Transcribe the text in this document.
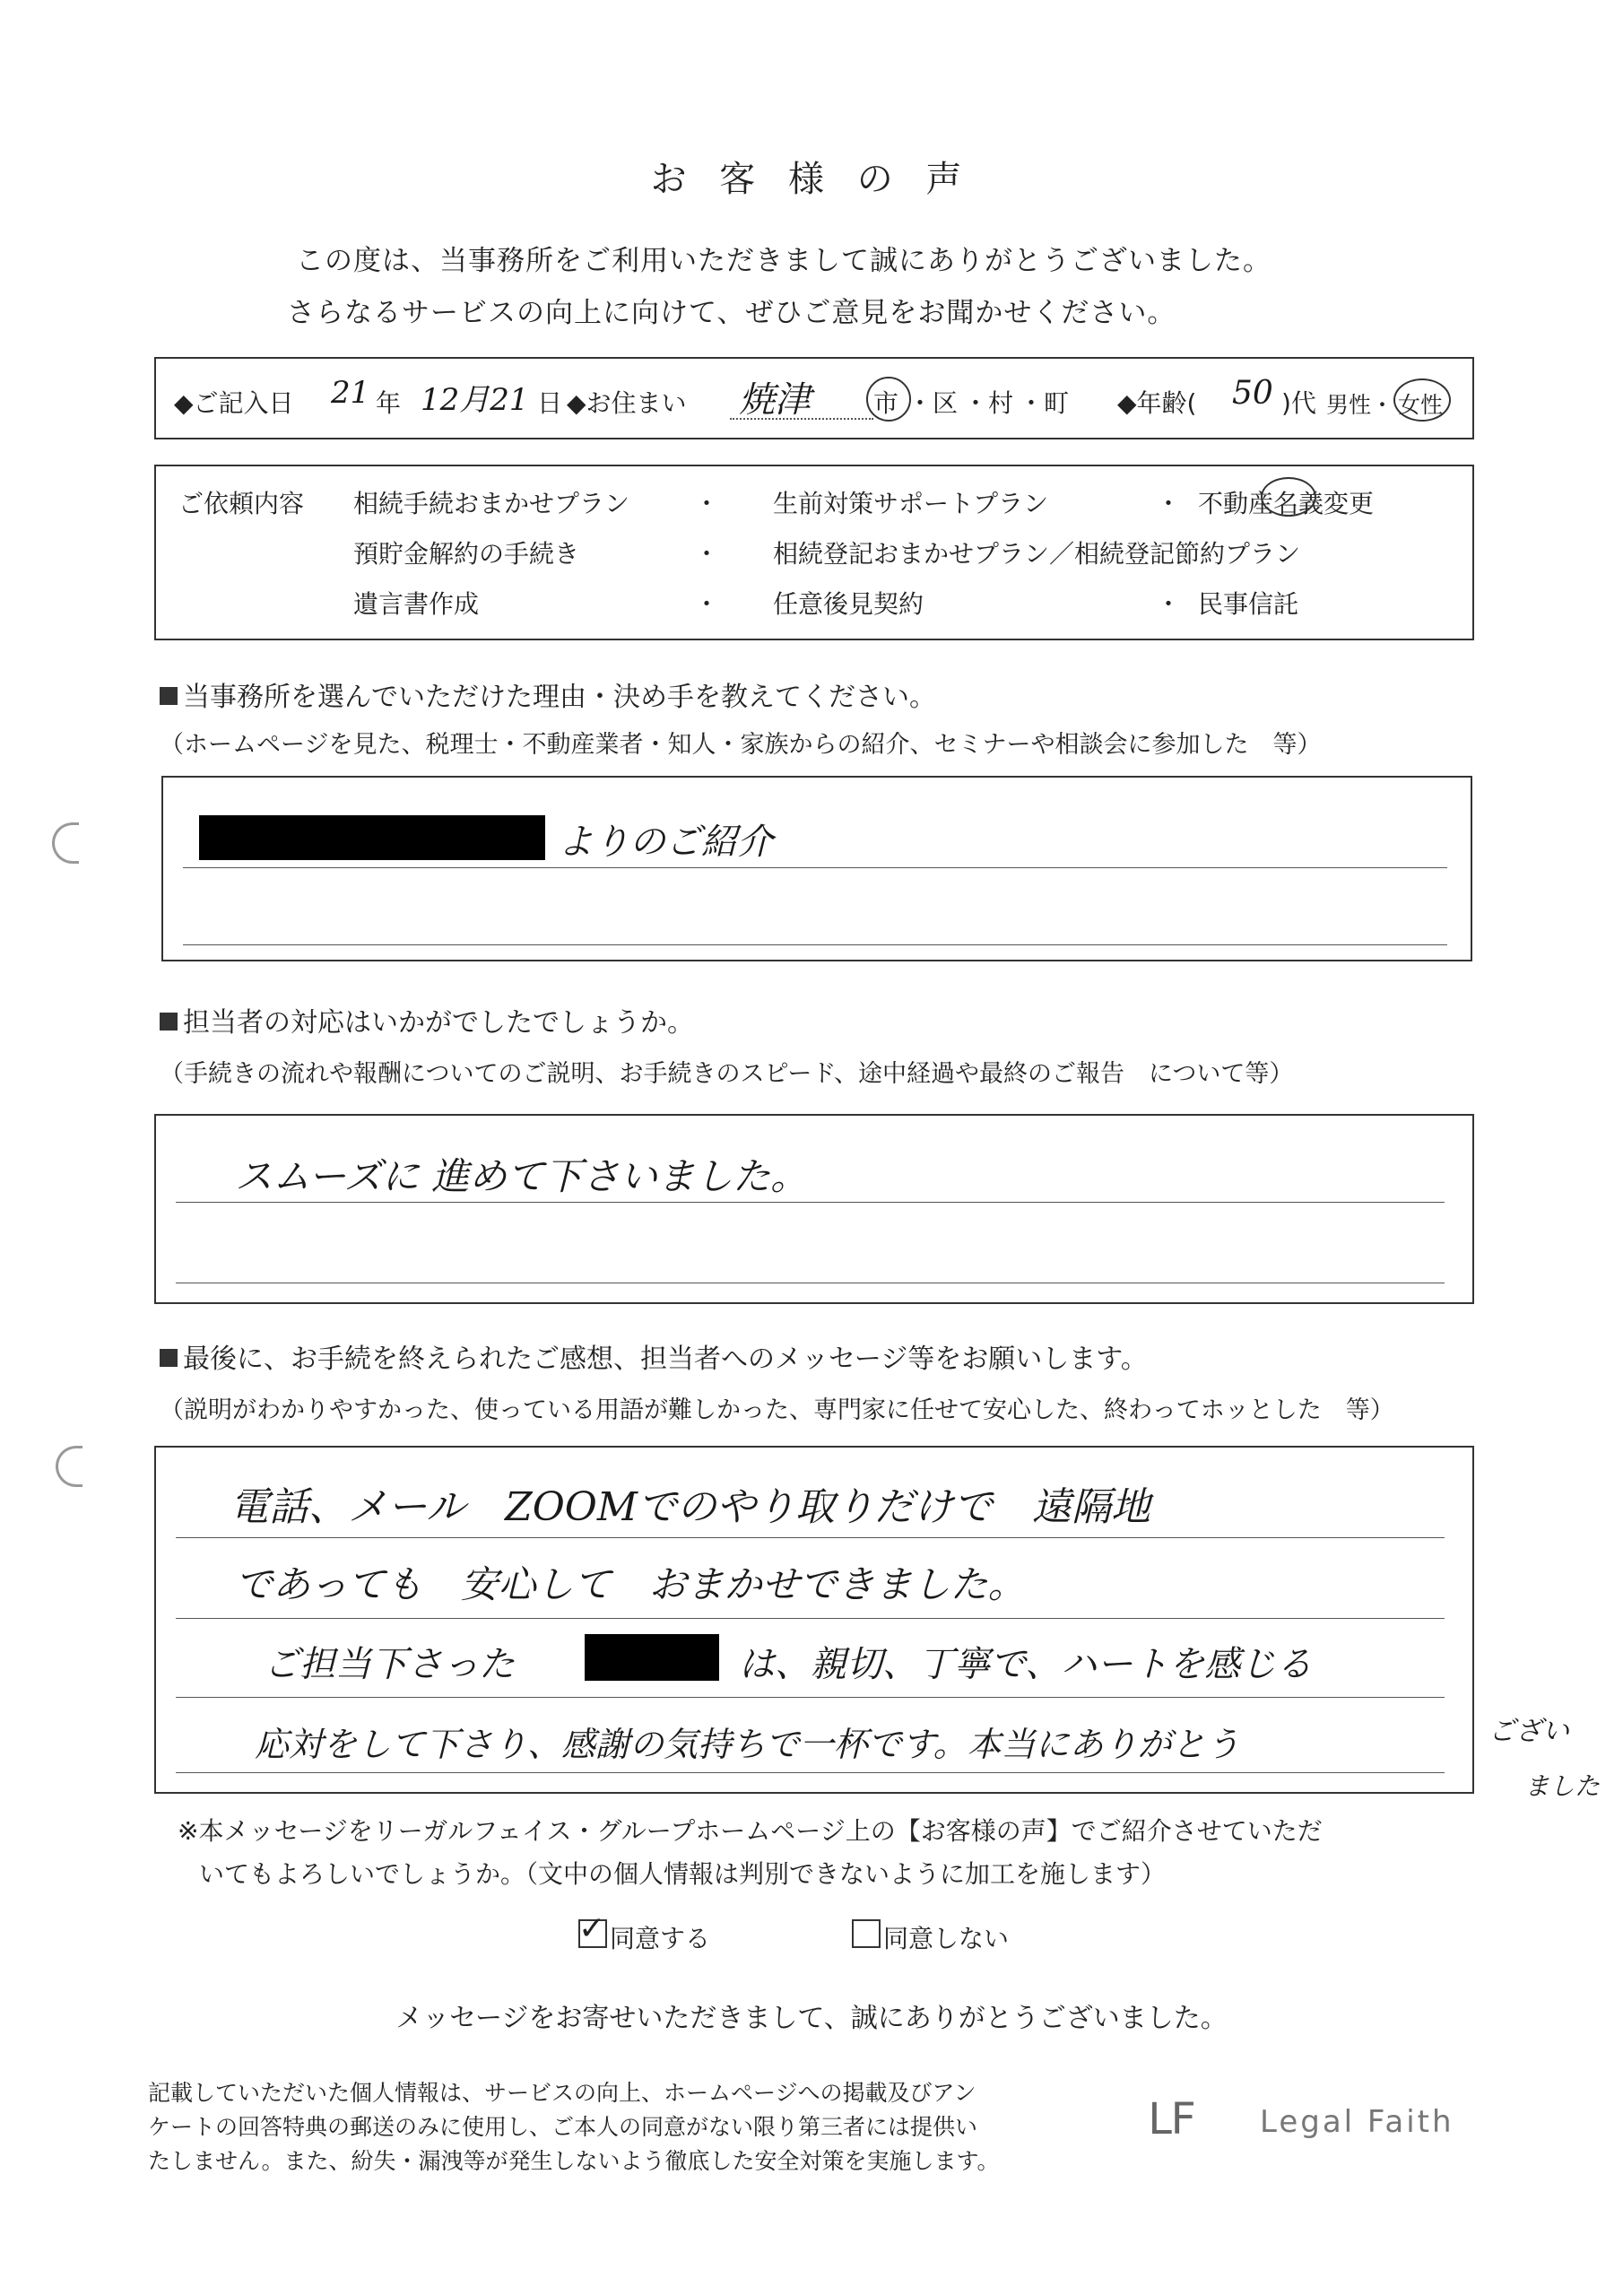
お 客 様 の 声
この度は、当事務所をご利用いただきまして誠にありがとうございました。
さらなるサービスの向上に向けて、ぜひご意見をお聞かせください。
◆ご記入日 21 年 12月21 日 ◆お住まい 焼津	市 ・区 ・村 ・町 ◆年齢( 50 )代 男性・ 女性
ご依頼内容 相続手続おまかせプラン	・ 生前対策サポートプラン	・ 不動産名義変更
預貯金解約の手続き	・ 相続登記おまかせプラン／相続登記節約プラン
遺言書作成	・ 任意後見契約	・ 民事信託
当事務所を選んでいただけた理由・決め手を教えてください。
（ホームページを見た、税理士・不動産業者・知人・家族からの紹介、セミナーや相談会に参加した　等）
よりのご紹介
担当者の対応はいかがでしたでしょうか。
（手続きの流れや報酬についてのご説明、お手続きのスピード、途中経過や最終のご報告　について等）
スムーズに 進めて下さいました。
最後に、お手続を終えられたご感想、担当者へのメッセージ等をお願いします。
（説明がわかりやすかった、使っている用語が難しかった、専門家に任せて安心した、終わってホッとした　等）
電話、メール　ZOOMでのやり取りだけで　遠隔地
であっても　安心して　おまかせできました。
ご担当下さった	は、親切、丁寧で、ハートを感じる
応対をして下さり、感謝の気持ちで一杯です。本当にありがとう	ござい
ました
※本メッセージをリーガルフェイス・グループホームページ上の【お客様の声】でご紹介させていただ
いてもよろしいでしょうか。（文中の個人情報は判別できないように加工を施します）
✓ 同意する	同意しない
メッセージをお寄せいただきまして、誠にありがとうございました。
記載していただいた個人情報は、サービスの向上、ホームページへの掲載及びアン
ケートの回答特典の郵送のみに使用し、ご本人の同意がない限り第三者には提供い
たしません。また、紛失・漏洩等が発生しないよう徹底した安全対策を実施します。
LF Legal Faith
